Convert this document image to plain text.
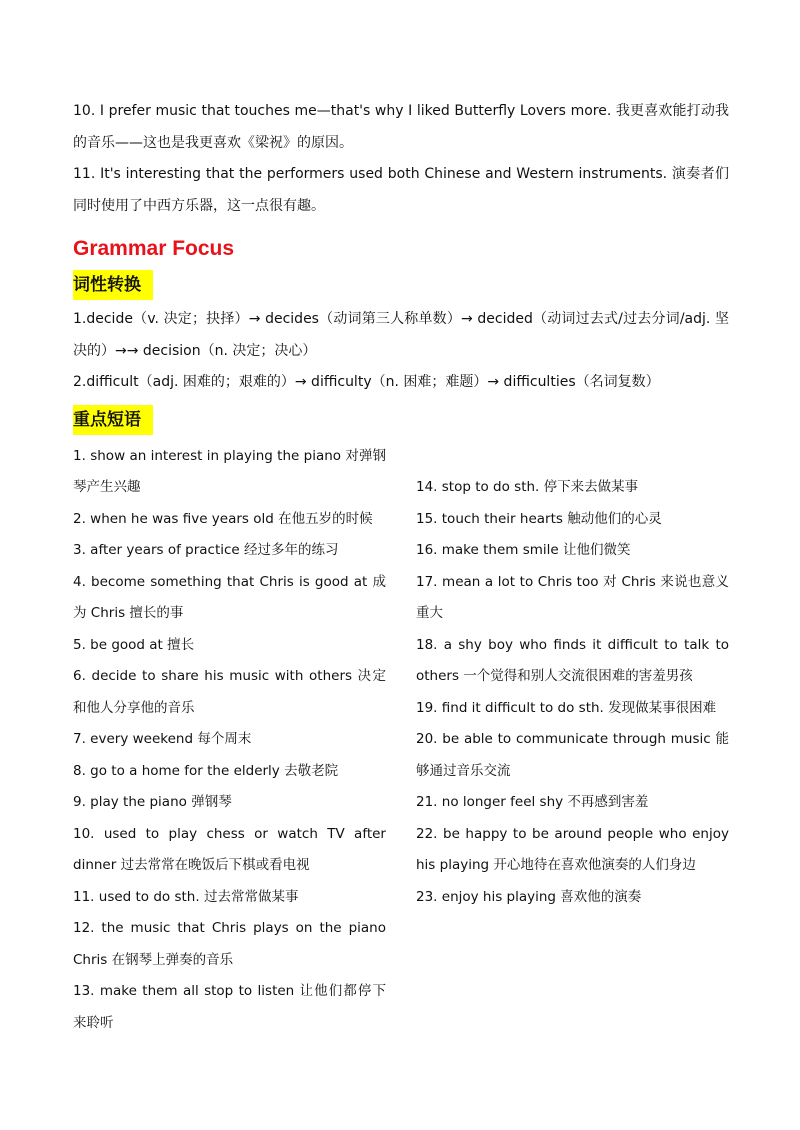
10. I prefer music that touches me—that's why I liked Butterfly Lovers more. 我更喜欢能打动我的音乐——这也是我更喜欢《梁祝》的原因。

11. It's interesting that the performers used both Chinese and Western instruments. 演奏者们同时使用了中西方乐器，这一点很有趣。

Grammar Focus
词性转换

1.decide（v. 决定；抉择）→ decides（动词第三人称单数）→ decided（动词过去式/过去分词/adj. 坚决的）→→ decision（n. 决定；决心）

2.difficult（adj. 困难的；艰难的）→ difficulty（n. 困难；难题）→ difficulties（名词复数）

重点短语

1. show an interest in playing the piano 对弹钢琴产生兴趣

2. when he was five years old 在他五岁的时候

3. after years of practice 经过多年的练习

4. become something that Chris is good at 成为 Chris 擅长的事

5. be good at 擅长

6. decide to share his music with others 决定和他人分享他的音乐

7. every weekend 每个周末

8. go to a home for the elderly 去敬老院

9. play the piano 弹钢琴

10. used to play chess or watch TV after dinner 过去常常在晚饭后下棋或看电视

11. used to do sth. 过去常常做某事

12. the music that Chris plays on the piano Chris 在钢琴上弹奏的音乐

13. make them all stop to listen 让他们都停下来聆听

14. stop to do sth. 停下来去做某事

15. touch their hearts 触动他们的心灵

16. make them smile 让他们微笑

17. mean a lot to Chris too 对 Chris 来说也意义重大

18. a shy boy who finds it difficult to talk to others 一个觉得和别人交流很困难的害羞男孩

19. find it difficult to do sth. 发现做某事很困难

20. be able to communicate through music 能够通过音乐交流

21. no longer feel shy 不再感到害羞

22. be happy to be around people who enjoy his playing 开心地待在喜欢他演奏的人们身边

23. enjoy his playing 喜欢他的演奏
